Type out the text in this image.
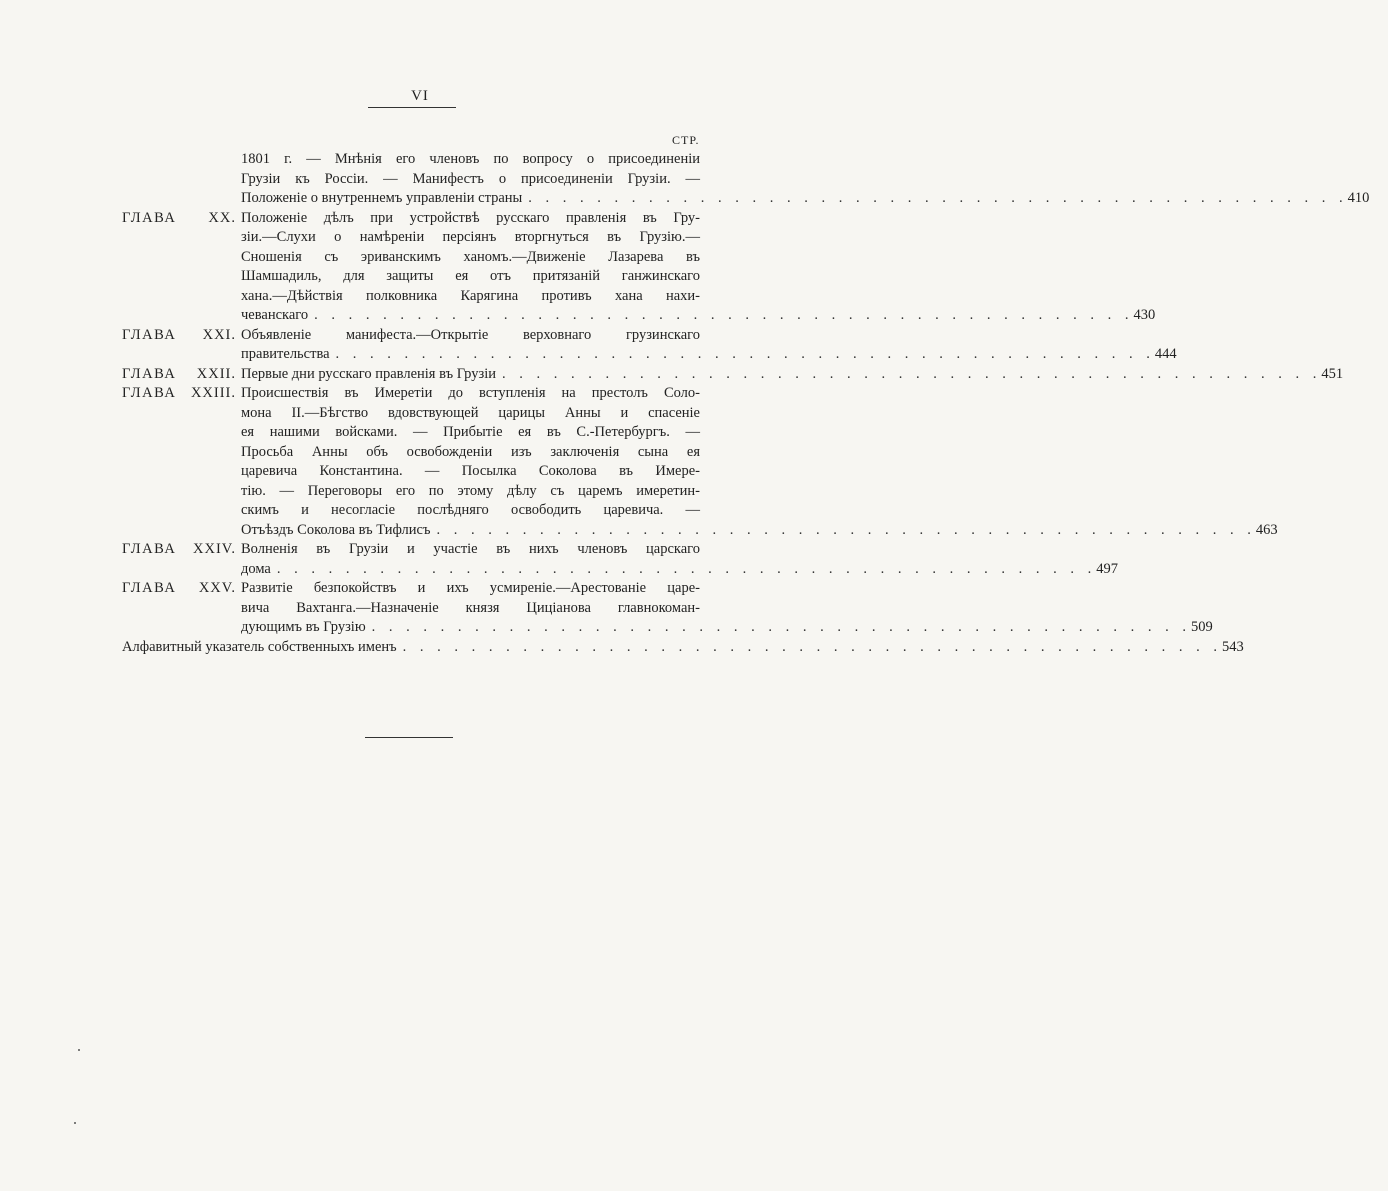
VI
СТР.
1801 г. — Мнѣнія его членовъ по вопросу о присоединеніи
Грузіи къ Россіи. — Манифестъ о присоединеніи Грузіи. —
Положеніе о внутреннемъ управленіи страны . . . . . . . . . . . . . . . . . . . . . . . . . . . . . . . . . . . . . . . . . . . . . . . . 410
ГЛАВА	XX. Положеніе дѣлъ при устройствѣ русскаго правленія въ Гру-
зіи.—Слухи о намѣреніи персіянъ вторгнуться въ Грузію.—
Сношенія съ эриванскимъ ханомъ.—Движеніе Лазарева въ
Шамшадиль, для защиты ея отъ притязаній ганжинскаго
хана.—Дѣйствія полковника Карягина противъ хана нахи-
чеванскаго . . . . . . . . . . . . . . . . . . . . . . . . . . . . . . . . . . . . . . . . . . . . . . . . 430
ГЛАВА	XXI. Объявленіе манифеста.—Открытіе верховнаго грузинскаго
правительства . . . . . . . . . . . . . . . . . . . . . . . . . . . . . . . . . . . . . . . . . . . . . . . . 444
ГЛАВА	XXII. Первые дни русскаго правленія въ Грузіи . . . . . . . . . . . . . . . . . . . . . . . . . . . . . . . . . . . . . . . . . . . . . . . . 451
ГЛАВА	XXIII. Происшествія въ Имеретіи до вступленія на престолъ Соло-
мона II.—Бѣгство вдовствующей царицы Анны и спасеніе
ея нашими войсками. — Прибытіе ея въ С.-Петербургъ. —
Просьба Анны объ освобожденіи изъ заключенія сына ея
царевича Константина. — Посылка Соколова въ Имере-
тію. — Переговоры его по этому дѣлу съ царемъ имеретин-
скимъ и несогласіе послѣдняго освободить царевича. —
Отъѣздъ Соколова въ Тифлисъ . . . . . . . . . . . . . . . . . . . . . . . . . . . . . . . . . . . . . . . . . . . . . . . . 463
ГЛАВА	XXIV. Волненія въ Грузіи и участіе въ нихъ членовъ царскаго
дома . . . . . . . . . . . . . . . . . . . . . . . . . . . . . . . . . . . . . . . . . . . . . . . . 497
ГЛАВА	XXV. Развитіе безпокойствъ и ихъ усмиреніе.—Арестованіе царе-
вича Вахтанга.—Назначеніе князя Цицiанова главнокоман-
дующимъ въ Грузію . . . . . . . . . . . . . . . . . . . . . . . . . . . . . . . . . . . . . . . . . . . . . . . . 509
Алфавитный указатель собственныхъ именъ . . . . . . . . . . . . . . . . . . . . . . . . . . . . . . . . . . . . . . . . . . . . . . . . 543
